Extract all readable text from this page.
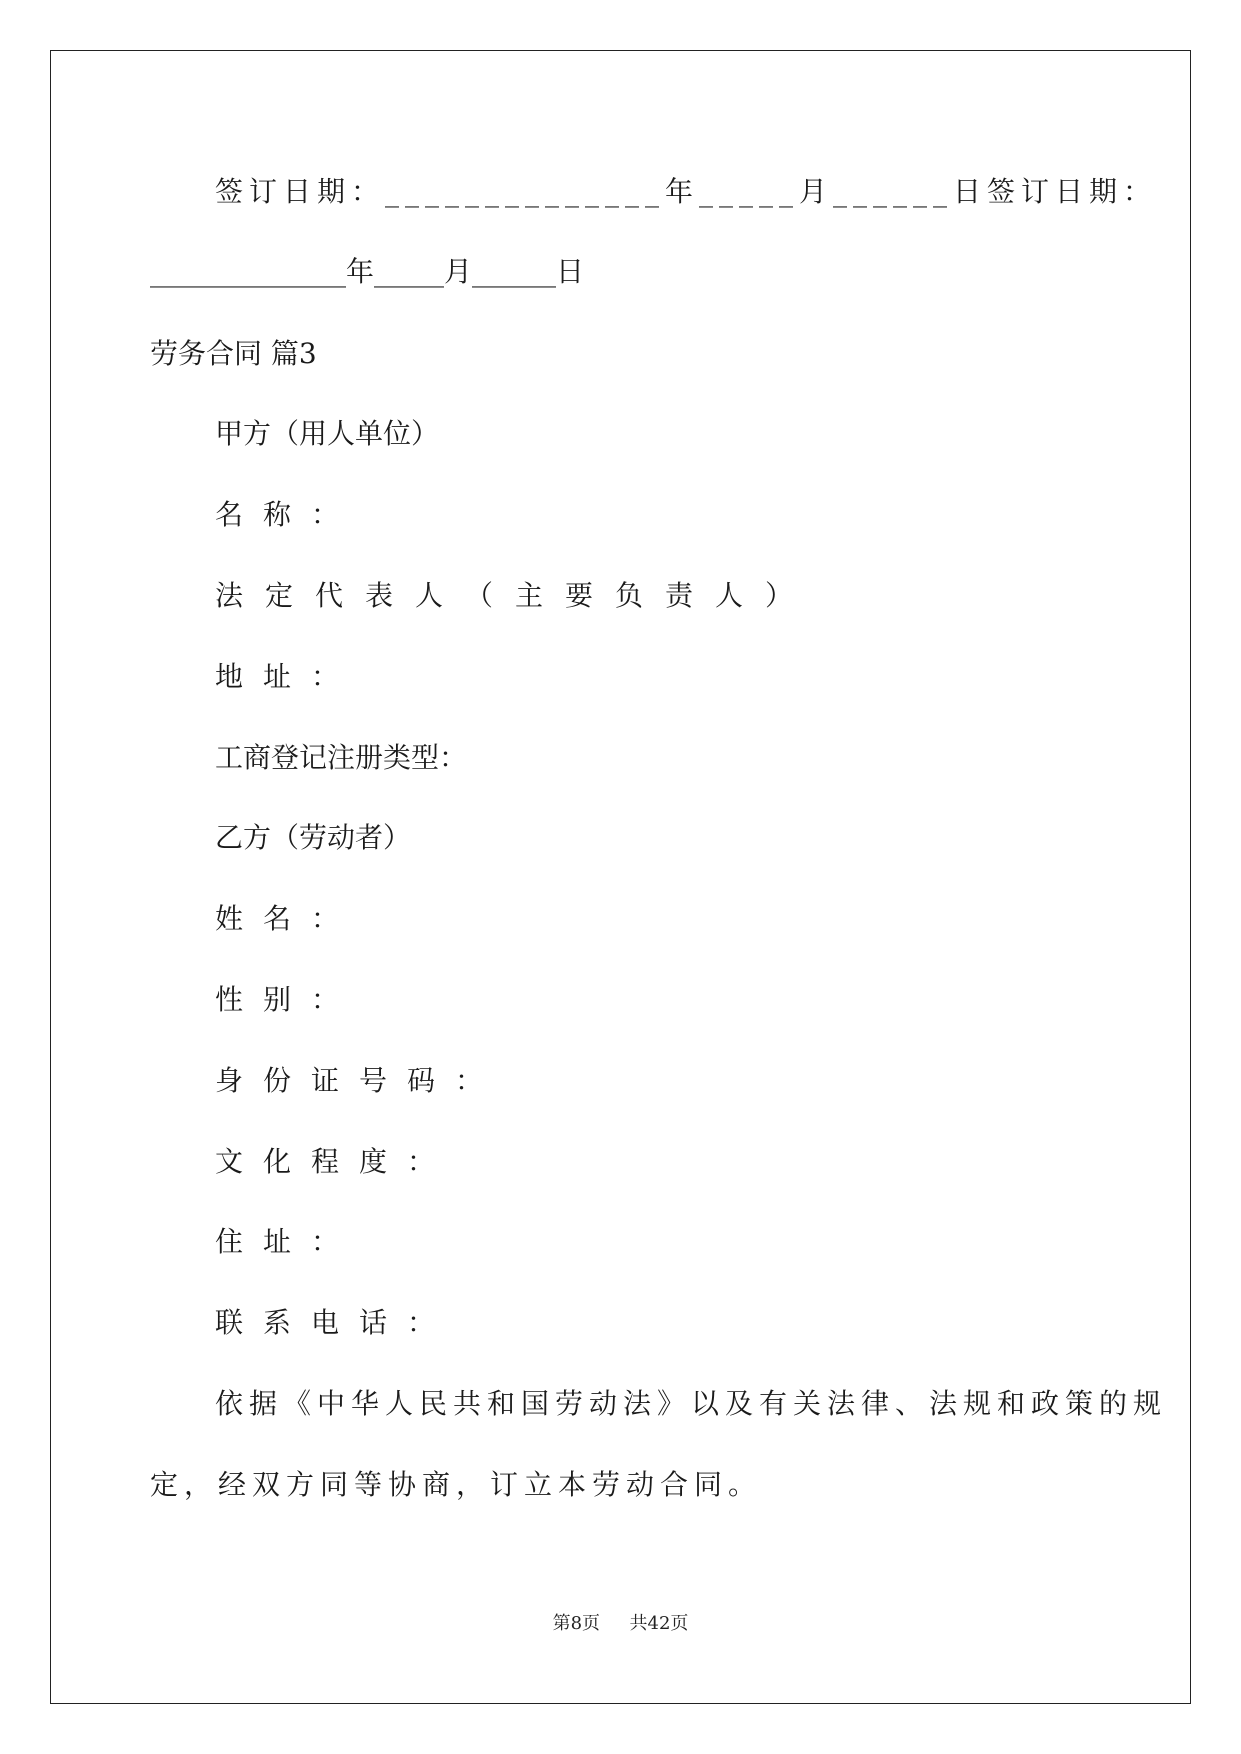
签订日期：______________年_____月______日签订日期：
______________年_____月______日
劳务合同 篇3
甲方（用人单位）
名称：
法定代表人（主要负责人）
地址：
工商登记注册类型：
乙方（劳动者）
姓名：
性别：
身份证号码：
文化程度：
住址：
联系电话：
依据《中华人民共和国劳动法》以及有关法律、法规和政策的规
定，经双方同等协商，订立本劳动合同。
第8页 共42页
